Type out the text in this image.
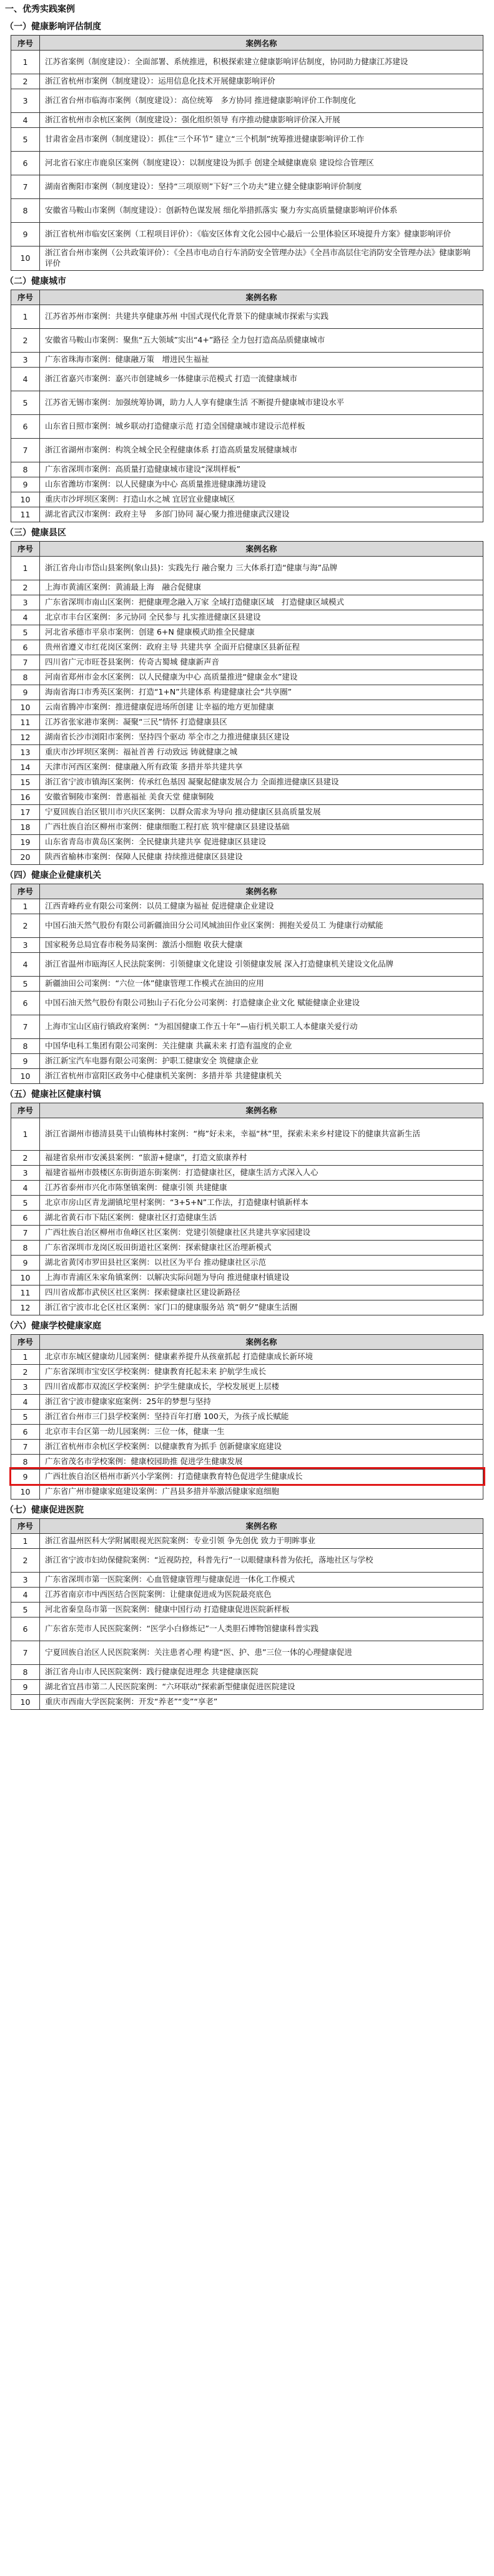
一、优秀实践案例
（一）健康影响评估制度
序号	案例名称
1	江苏省案例（制度建设）：全面部署、系统推进，积极探索建立健康影响评估制度，协同助力健康江苏建设
2	浙江省杭州市案例（制度建设）：运用信息化技术开展健康影响评价
3	浙江省台州市临海市案例（制度建设）：高位统筹　多方协同 推进健康影响评价工作制度化
4	浙江省杭州市余杭区案例（制度建设）：强化组织领导 有序推动健康影响评价深入开展
5	甘肃省金昌市案例（制度建设）：抓住“三个环节” 建立“三个机制”统筹推进健康影响评价工作
6	河北省石家庄市鹿泉区案例（制度建设）：以制度建设为抓手 创建全域健康鹿泉 建设综合管理区
7	湖南省衡阳市案例（制度建设）：坚持“三项原则”下好“三个功夫”建立健全健康影响评价制度
8	安徽省马鞍山市案例（制度建设）：创新特色谋发展 细化举措抓落实 聚力夯实高质量健康影响评价体系
9	浙江省杭州市临安区案例（工程项目评价）：《临安区体育文化公园中心最后一公里体验区环境提升方案》健康影响评价
10	浙江省台州市案例（公共政策评价）：《全昌市电动自行车消防安全管理办法》《全昌市高层住宅消防安全管理办法》健康影响评价
（二）健康城市
序号	案例名称
1	江苏省苏州市案例：共建共享健康苏州 中国式现代化背景下的健康城市探索与实践
2	安徽省马鞍山市案例：聚焦“五大领域”实出“4+”路径 全力包打造高品质健康城市
3	广东省珠海市案例：健康融万策　增进民生福祉
4	浙江省嘉兴市案例：嘉兴市创建城乡一体健康示范模式 打造一流健康城市
5	江苏省无锡市案例：加强统筹协调，助力人人享有健康生活 不断提升健康城市建设水平
6	山东省日照市案例：城乡联动打造健康示范 打造全国健康城市建设示范样板
7	浙江省湖州市案例：构筑全城全民全程健康体系 打造高质量发展健康城市
8	广东省深圳市案例：高质量打造健康城市建设“深圳样板”
9	山东省潍坊市案例：以人民健康为中心 高质量推进健康潍坊建设
10	重庆市沙坪坝区案例：打造山水之城 宜居宜业健康城区
11	湖北省武汉市案例：政府主导　多部门协同 凝心聚力推进健康武汉建设
（三）健康县区
序号	案例名称
1	浙江省舟山市岱山县案例(象山县)：实践先行 融合聚力 三大体系打造“健康与海”品牌
2	上海市黄浦区案例：黄浦最上海　融合促健康
3	广东省深圳市南山区案例：把健康理念融入万家 全域打造健康区域　打造健康区域模式
4	北京市丰台区案例：多元协同 全民参与 扎实推进健康区县建设
5	河北省承德市平泉市案例：创建 6+N 健康模式助推全民健康
6	贵州省遵义市红花岗区案例：政府主导 共建共享 全面开启健康区县新征程
7	四川省广元市旺苍县案例：传奇古蜀城 健康新声音
8	河南省郑州市金水区案例：以人民健康为中心 高质量推进“健康金水”建设
9	海南省海口市秀英区案例：打造“1+N”共建体系 构建健康社会“共享圈”
10	云南省腾冲市案例：推进健康促进场所创建 让幸福的地方更加健康
11	江苏省张家港市案例：凝聚“三民”情怀 打造健康县区
12	湖南省长沙市浏阳市案例：坚持四个驱动 举全市之力推进健康县区建设
13	重庆市沙坪坝区案例：福祉首善 行动致远 铸就健康之城
14	天津市河西区案例：健康融入所有政策 多措并举共建共享
15	浙江省宁波市镇海区案例：传承红色基因 凝聚起健康发展合力 全面推进健康区县建设
16	安徽省铜陵市案例：普惠福祉 美食天堂 健康铜陵
17	宁夏回族自治区银川市兴庆区案例：以群众需求为导向 推动健康区县高质量发展
18	广西壮族自治区柳州市案例：健康细胞工程打底 筑牢健康区县建设基础
19	山东省青岛市黄岛区案例：全民健康共建共享 促进健康区县建设
20	陕西省榆林市案例：保障人民健康 持续推进健康区县建设
（四）健康企业健康机关
序号	案例名称
1	江西青峰药业有限公司案例：以员工健康为福祉 促进健康企业建设
2	中国石油天然气股份有限公司新疆油田分公司风城油田作业区案例：拥抱关爱员工 为健康行动赋能
3	国家税务总局宜春市税务局案例：激活小细胞 收获大健康
4	浙江省温州市瓯海区人民法院案例：引领健康文化建设 引领健康发展 深入打造健康机关建设文化品牌
5	新疆油田公司案例：“六位一体”健康管理工作模式在油田的应用
6	中国石油天然气股份有限公司独山子石化分公司案例：打造健康企业文化 赋能健康企业建设
7	上海市宝山区庙行镇政府案例：“为祖国健康工作五十年”—庙行机关职工人本健康关爱行动
8	中国华电科工集团有限公司案例：关注健康 共赢未来 打造有温度的企业
9	浙江新宝汽车电器有限公司案例：护职工健康安全 筑健康企业
10	浙江省杭州市富阳区政务中心健康机关案例：多措并举 共建健康机关
（五）健康社区健康村镇
序号	案例名称
1	浙江省湖州市德清县莫干山镇梅林村案例：“梅”好未来，幸福“林”里，探索未来乡村建设下的健康共富新生活
2	福建省泉州市安溪县案例：“旅游+健康”，打造文旅康养村
3	福建省福州市鼓楼区东街街道东街案例：打造健康社区，健康生活方式深入人心
4	江苏省泰州市兴化市陈堡镇案例：健康引领 共建健康
5	北京市房山区青龙湖镇坨里村案例：“3+5+N”工作法，打造健康村镇新样本
6	湖北省黄石市下陆区案例：健康社区打造健康生活
7	广西壮族自治区柳州市鱼峰区社区案例：党建引领健康社区共建共享家园建设
8	广东省深圳市龙岗区坂田街道社区案例：探索健康社区治理新模式
9	湖北省黄冈市罗田县社区案例：以社区为平台 推动健康社区示范
10	上海市青浦区朱家角镇案例：以解决实际问题为导向 推进健康村镇建设
11	四川省成都市武侯区社区案例：探索健康社区建设新路径
12	浙江省宁波市北仑区社区案例：家门口的健康服务站 筑“朝夕”健康生活圈
（六）健康学校健康家庭
序号	案例名称
1	北京市东城区健康幼儿园案例：健康素养提升从孩童抓起 打造健康成长新环境
2	广东省深圳市宝安区学校案例：健康教育托起未来 护航学生成长
3	四川省成都市双流区学校案例：护学生健康成长，学校发展更上层楼
4	浙江省宁波市健康家庭案例：25年的梦想与坚持
5	浙江省台州市三门县学校案例：坚持百年打磨 100天，为孩子成长赋能
6	北京市丰台区第一幼儿园案例：三位一体，健康一生
7	浙江省杭州市余杭区学校案例：以健康教育为抓手 创新健康家庭建设
8	广东省茂名市学校案例：健康校园助推 促进学生健康发展
9	广西壮族自治区梧州市新兴小学案例：打造健康教育特色促进学生健康成长
10	广东省广州市健康家庭建设案例：广昌县多措并举激活健康家庭细胞
（七）健康促进医院
序号	案例名称
1	浙江省温州医科大学附属眼视光医院案例：专业引领 争先创优 致力于明眸事业
2	浙江省宁波市妇幼保健院案例：“近视防控，科普先行”一以眼健康科普为依托，落地社区与学校
3	广东省深圳市第一医院案例：心血管健康管理与健康促进一体化工作模式
4	江苏省南京市中西医结合医院案例：让健康促进成为医院最亮底色
5	河北省秦皇岛市第一医院案例：健康中国行动 打造健康促进医院新样板
6	广东省东莞市人民医院案例：“医学小白修炼记”一人类胆石博物馆健康科普实践
7	宁夏回族自治区人民医院案例：关注患者心理 构建“医、护、患”三位一体的心理健康促进
8	浙江省舟山市人民医院案例：践行健康促进理念 共建健康医院
9	湖北省宜昌市第二人民医院案例：“六环联动”探索新型健康促进医院建设
10	重庆市西南大学医院案例：开发“养老”“变”“享老”
